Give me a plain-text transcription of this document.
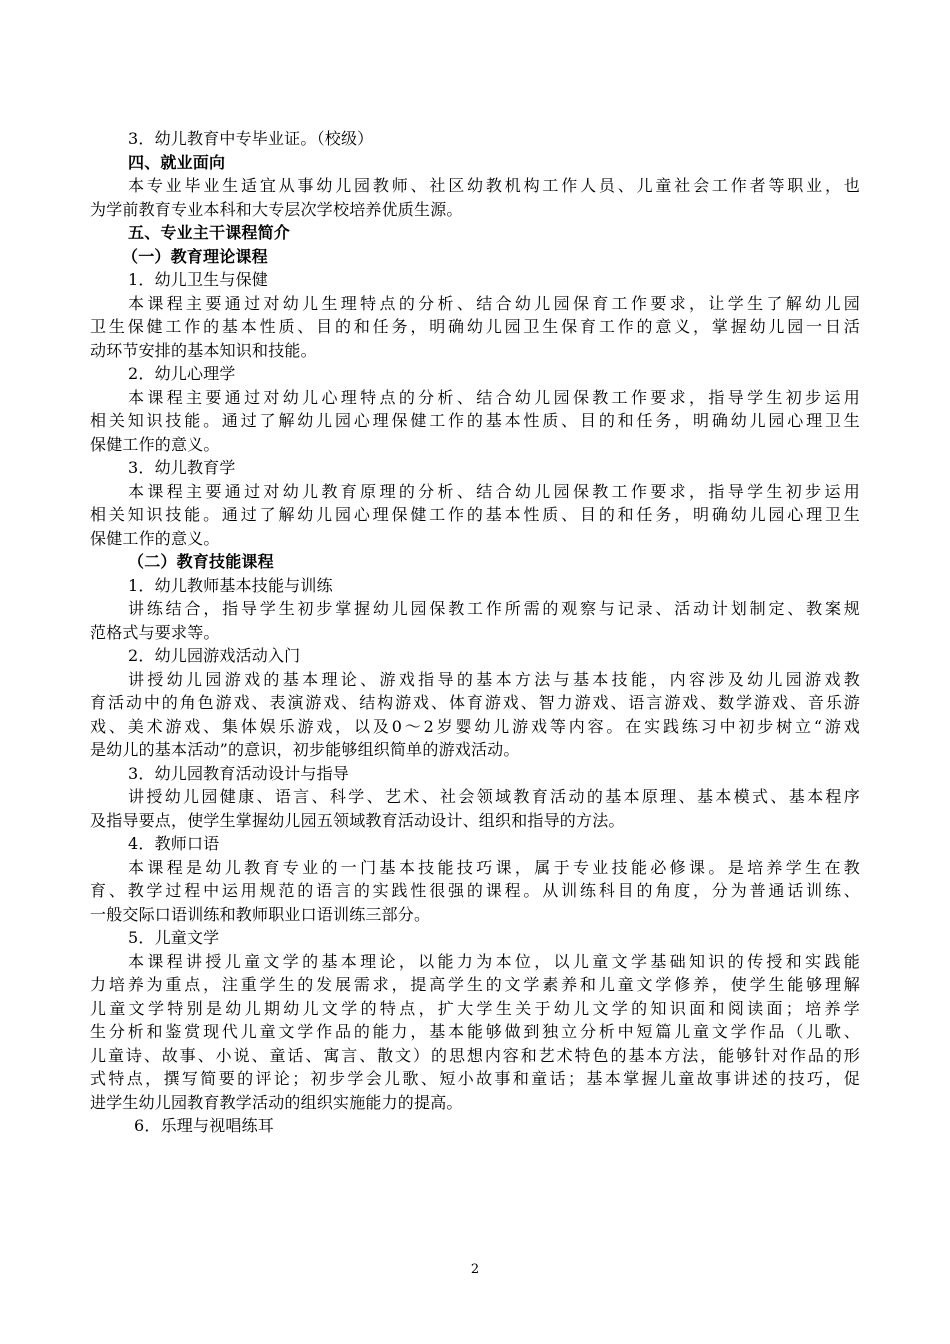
3．幼儿教育中专毕业证。（校级）
四、就业面向
本专业毕业生适宜从事幼儿园教师、社区幼教机构工作人员、儿童社会工作者等职业，也
为学前教育专业本科和大专层次学校培养优质生源。
五、专业主干课程简介
（一）教育理论课程
1．幼儿卫生与保健
本课程主要通过对幼儿生理特点的分析、结合幼儿园保育工作要求，让学生了解幼儿园
卫生保健工作的基本性质、目的和任务，明确幼儿园卫生保育工作的意义，掌握幼儿园一日活
动环节安排的基本知识和技能。
2．幼儿心理学
本课程主要通过对幼儿心理特点的分析、结合幼儿园保教工作要求，指导学生初步运用
相关知识技能。通过了解幼儿园心理保健工作的基本性质、目的和任务，明确幼儿园心理卫生
保健工作的意义。
3．幼儿教育学
本课程主要通过对幼儿教育原理的分析、结合幼儿园保教工作要求，指导学生初步运用
相关知识技能。通过了解幼儿园心理保健工作的基本性质、目的和任务，明确幼儿园心理卫生
保健工作的意义。
（二）教育技能课程
1．幼儿教师基本技能与训练
讲练结合，指导学生初步掌握幼儿园保教工作所需的观察与记录、活动计划制定、教案规
范格式与要求等。
2．幼儿园游戏活动入门
讲授幼儿园游戏的基本理论、游戏指导的基本方法与基本技能，内容涉及幼儿园游戏教
育活动中的角色游戏、表演游戏、结构游戏、体育游戏、智力游戏、语言游戏、数学游戏、音乐游
戏、美术游戏、集体娱乐游戏，以及0～2岁婴幼儿游戏等内容。在实践练习中初步树立“游戏
是幼儿的基本活动”的意识，初步能够组织简单的游戏活动。
3．幼儿园教育活动设计与指导
讲授幼儿园健康、语言、科学、艺术、社会领域教育活动的基本原理、基本模式、基本程序
及指导要点，使学生掌握幼儿园五领域教育活动设计、组织和指导的方法。
4．教师口语
本课程是幼儿教育专业的一门基本技能技巧课，属于专业技能必修课。是培养学生在教
育、教学过程中运用规范的语言的实践性很强的课程。从训练科目的角度，分为普通话训练、
一般交际口语训练和教师职业口语训练三部分。
5．儿童文学
本课程讲授儿童文学的基本理论，以能力为本位，以儿童文学基础知识的传授和实践能
力培养为重点，注重学生的发展需求，提高学生的文学素养和儿童文学修养，使学生能够理解
儿童文学特别是幼儿期幼儿文学的特点，扩大学生关于幼儿文学的知识面和阅读面；培养学
生分析和鉴赏现代儿童文学作品的能力，基本能够做到独立分析中短篇儿童文学作品（儿歌、
儿童诗、故事、小说、童话、寓言、散文）的思想内容和艺术特色的基本方法，能够针对作品的形
式特点，撰写简要的评论；初步学会儿歌、短小故事和童话；基本掌握儿童故事讲述的技巧，促
进学生幼儿园教育教学活动的组织实施能力的提高。
6．乐理与视唱练耳
2
